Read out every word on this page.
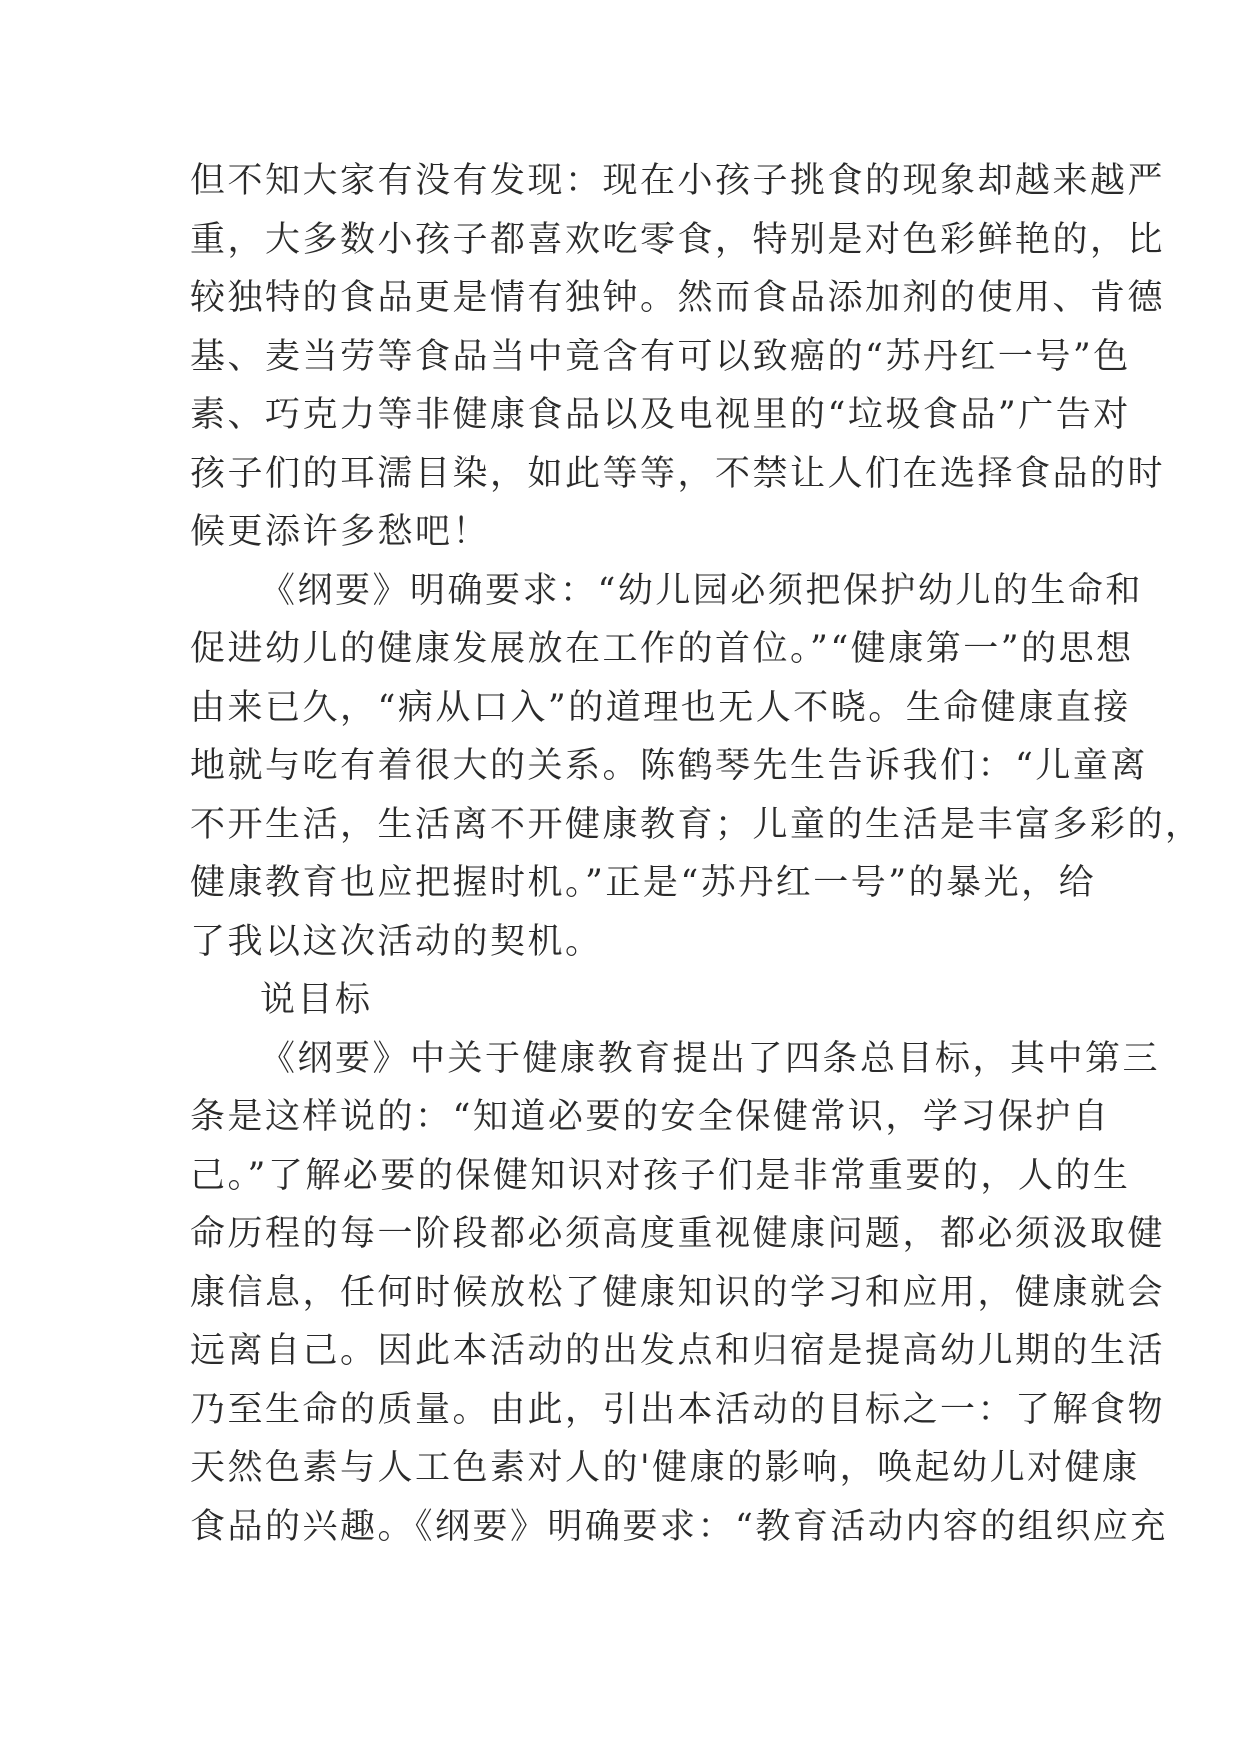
但不知大家有没有发现：现在小孩子挑食的现象却越来越严
重，大多数小孩子都喜欢吃零食，特别是对色彩鲜艳的，比
较独特的食品更是情有独钟。然而食品添加剂的使用、肯德
基、麦当劳等食品当中竟含有可以致癌的“苏丹红一号”色
素、巧克力等非健康食品以及电视里的“垃圾食品”广告对
孩子们的耳濡目染，如此等等，不禁让人们在选择食品的时
候更添许多愁吧！
《纲要》明确要求：“幼儿园必须把保护幼儿的生命和
促进幼儿的健康发展放在工作的首位。”“健康第一”的思想
由来已久，“病从口入”的道理也无人不晓。生命健康直接
地就与吃有着很大的关系。陈鹤琴先生告诉我们：“儿童离
不开生活，生活离不开健康教育；儿童的生活是丰富多彩的，
健康教育也应把握时机。”正是“苏丹红一号”的暴光，给
了我以这次活动的契机。
说目标
《纲要》中关于健康教育提出了四条总目标，其中第三
条是这样说的：“知道必要的安全保健常识，学习保护自
己。”了解必要的保健知识对孩子们是非常重要的，人的生
命历程的每一阶段都必须高度重视健康问题，都必须汲取健
康信息，任何时候放松了健康知识的学习和应用，健康就会
远离自己。因此本活动的出发点和归宿是提高幼儿期的生活
乃至生命的质量。由此，引出本活动的目标之一：了解食物
天然色素与人工色素对人的'健康的影响，唤起幼儿对健康
食品的兴趣。《纲要》明确要求：“教育活动内容的组织应充
